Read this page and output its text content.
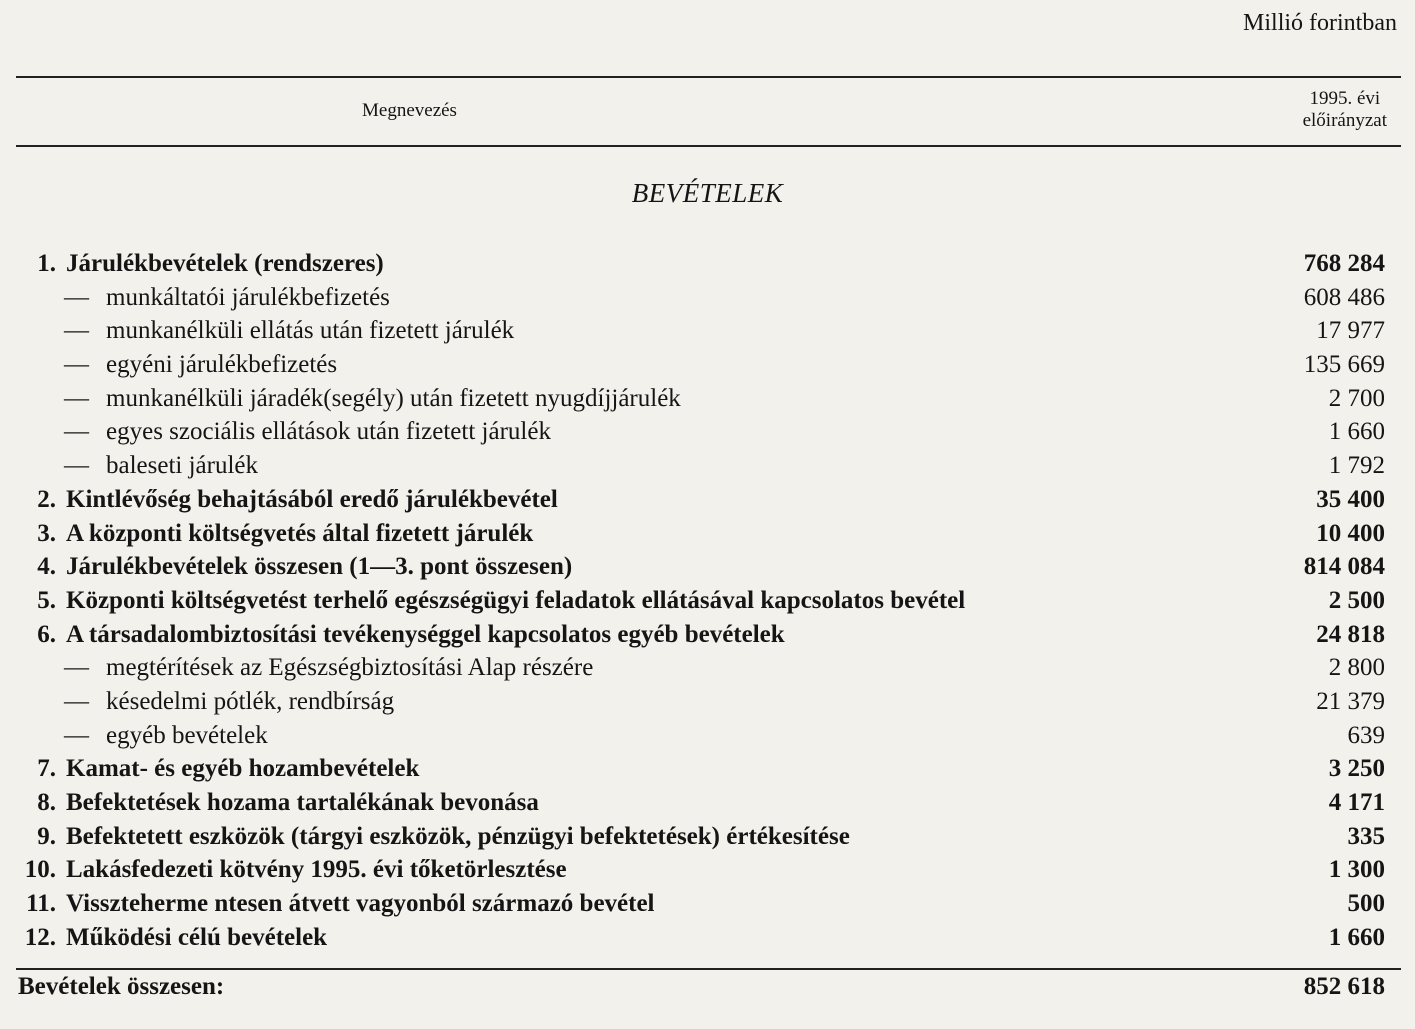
Millió forintban
Megnevezés
1995. évi
előirányzat
BEVÉTELEK
1. Járulékbevételek (rendszeres)	768 284
— munkáltatói járulékbefizetés	608 486
— munkanélküli ellátás után fizetett járulék	17 977
— egyéni járulékbefizetés	135 669
— munkanélküli járadék(segély) után fizetett nyugdíjjárulék	2 700
— egyes szociális ellátások után fizetett járulék	1 660
— baleseti járulék	1 792
2. Kintlévőség behajtásából eredő járulékbevétel	35 400
3. A központi költségvetés által fizetett járulék	10 400
4. Járulékbevételek összesen (1—3. pont összesen)	814 084
5. Központi költségvetést terhelő egészségügyi feladatok ellátásával kapcsolatos bevétel	2 500
6. A társadalombiztosítási tevékenységgel kapcsolatos egyéb bevételek	24 818
— megtérítések az Egészségbiztosítási Alap részére	2 800
— késedelmi pótlék, rendbírság	21 379
— egyéb bevételek	639
7. Kamat- és egyéb hozambevételek	3 250
8. Befektetések hozama tartalékának bevonása	4 171
9. Befektetett eszközök (tárgyi eszközök, pénzügyi befektetések) értékesítése	335
10. Lakásfedezeti kötvény 1995. évi tőketörlesztése	1 300
11. Visszteherme ntesen átvett vagyonból származó bevétel	500
12. Működési célú bevételek	1 660
Bevételek összesen:	852 618
